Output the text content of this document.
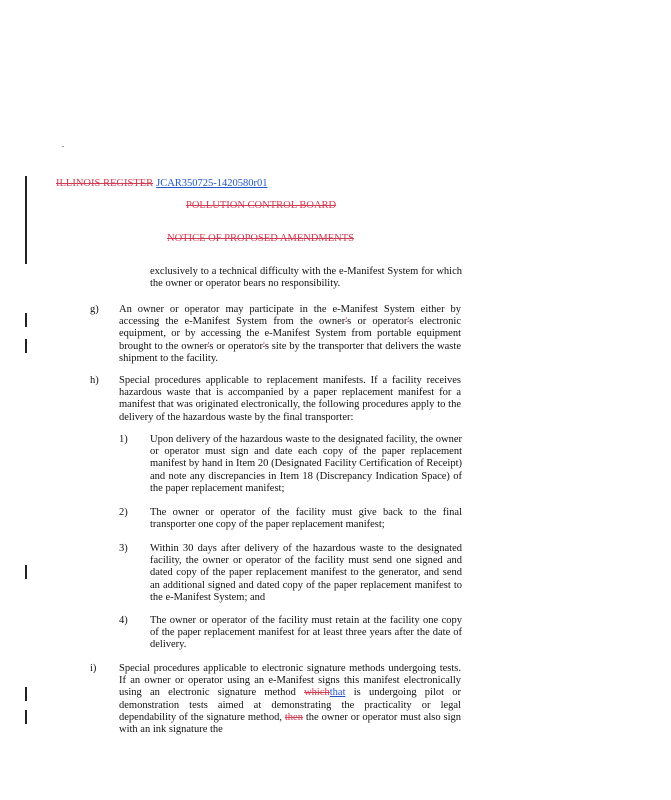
ILLINOIS REGISTER JCAR350725-1420580r01
POLLUTION CONTROL BOARD
NOTICE OF PROPOSED AMENDMENTS
exclusively to a technical difficulty with the e-Manifest System for which the owner or operator bears no responsibility.
g) An owner or operator may participate in the e-Manifest System either by accessing the e-Manifest System from the owner's or operator's electronic equipment, or by accessing the e-Manifest System from portable equipment brought to the owner's or operator's site by the transporter that delivers the waste shipment to the facility.
h) Special procedures applicable to replacement manifests. If a facility receives hazardous waste that is accompanied by a paper replacement manifest for a manifest that was originated electronically, the following procedures apply to the delivery of the hazardous waste by the final transporter:
1) Upon delivery of the hazardous waste to the designated facility, the owner or operator must sign and date each copy of the paper replacement manifest by hand in Item 20 (Designated Facility Certification of Receipt) and note any discrepancies in Item 18 (Discrepancy Indication Space) of the paper replacement manifest;
2) The owner or operator of the facility must give back to the final transporter one copy of the paper replacement manifest;
3) Within 30 days after delivery of the hazardous waste to the designated facility, the owner or operator of the facility must send one signed and dated copy of the paper replacement manifest to the generator, and send an additional signed and dated copy of the paper replacement manifest to the e-Manifest System; and
4) The owner or operator of the facility must retain at the facility one copy of the paper replacement manifest for at least three years after the date of delivery.
i) Special procedures applicable to electronic signature methods undergoing tests. If an owner or operator using an e-Manifest signs this manifest electronically using an electronic signature method whichthat is undergoing pilot or demonstration tests aimed at demonstrating the practicality or legal dependability of the signature method, then the owner or operator must also sign with an ink signature the
